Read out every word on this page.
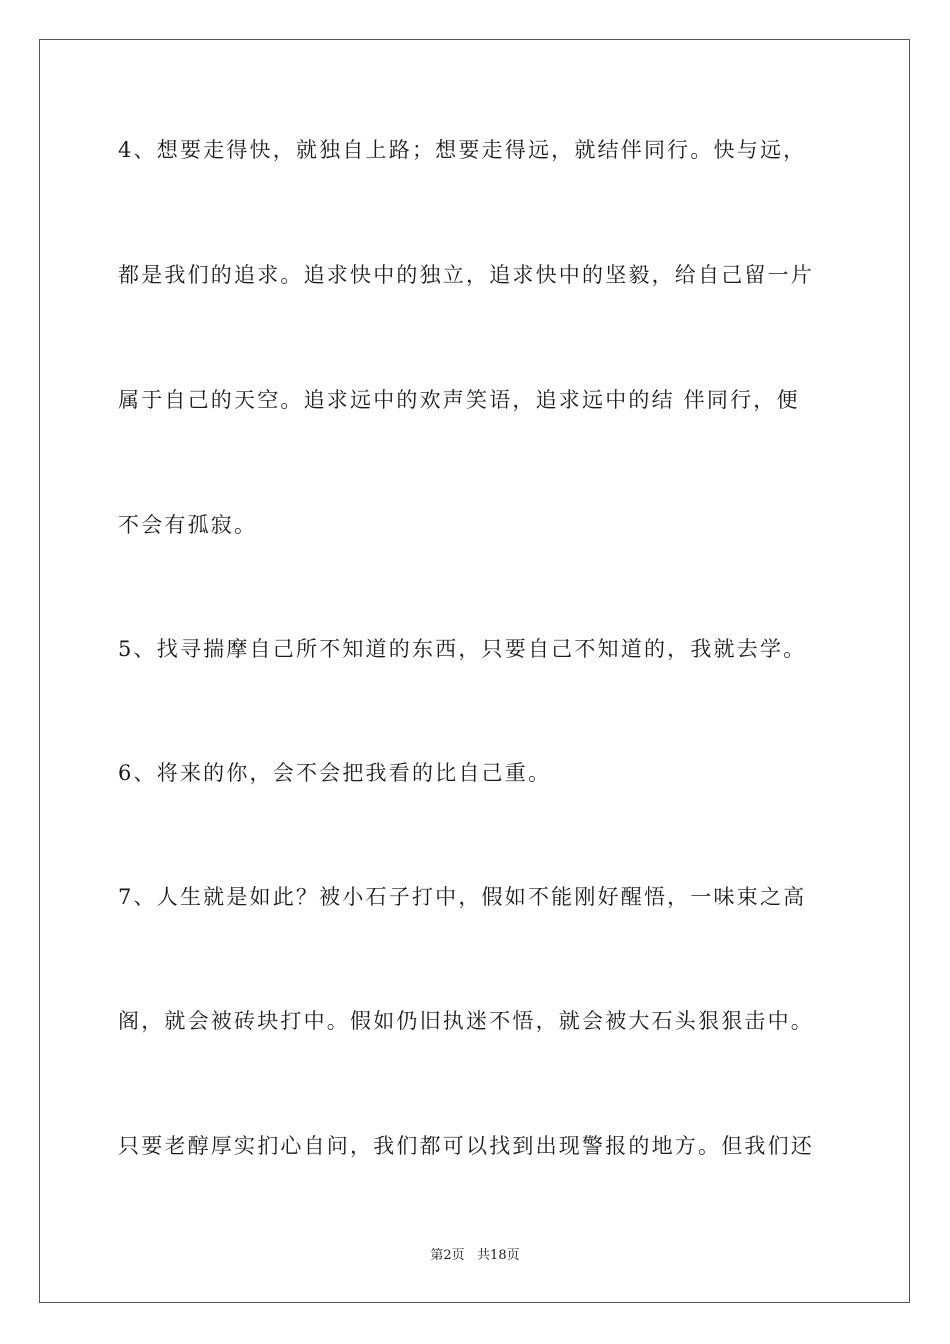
4、想要走得快，就独自上路；想要走得远，就结伴同行。快与远，
都是我们的追求。追求快中的独立，追求快中的坚毅，给自己留一片
属于自己的天空。追求远中的欢声笑语，追求远中的结 伴同行，便
不会有孤寂。
5、找寻揣摩自己所不知道的东西，只要自己不知道的，我就去学。
6、将来的你，会不会把我看的比自己重。
7、人生就是如此？被小石子打中，假如不能刚好醒悟，一味束之高
阁，就会被砖块打中。假如仍旧执迷不悟，就会被大石头狠狠击中。
只要老醇厚实扪心自问，我们都可以找到出现警报的地方。但我们还
第2页   共18页
